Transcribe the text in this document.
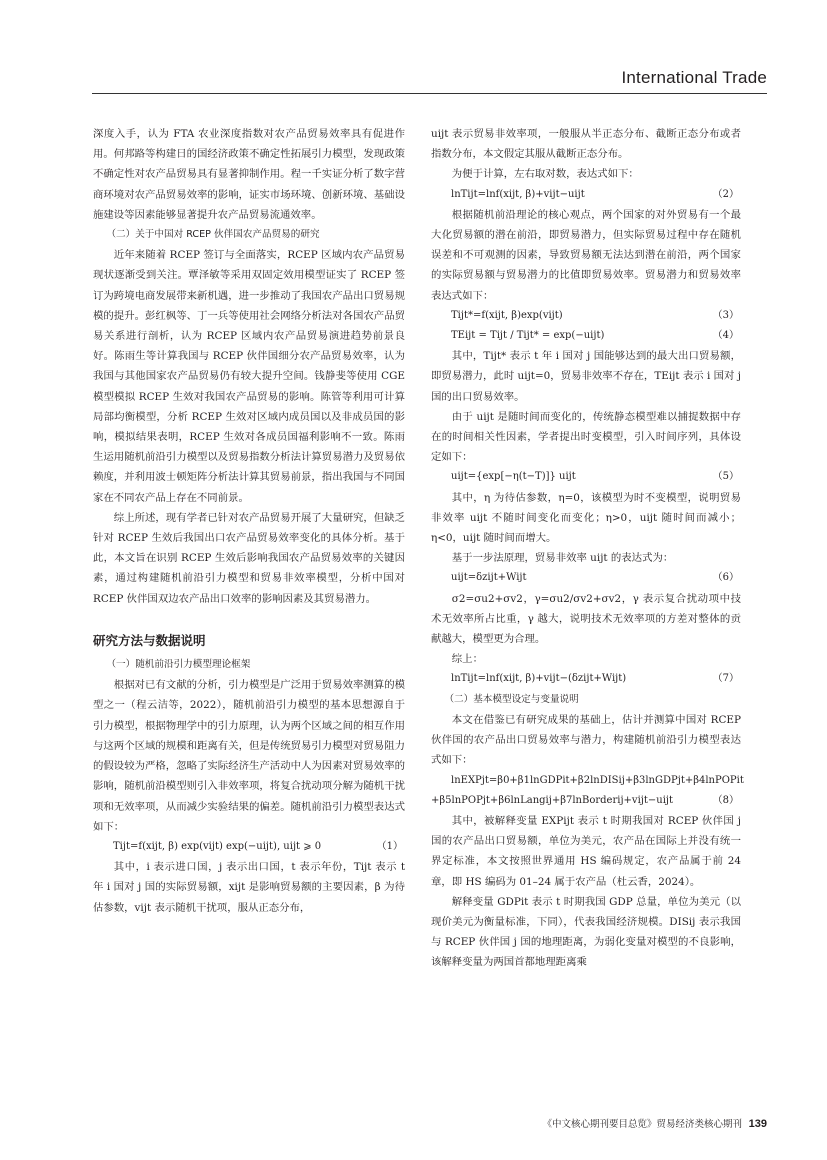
International Trade

深度入手，认为 FTA 农业深度指数对农产品贸易效率具有促进作用。何邦路等构建日的国经济政策不确定性拓展引力模型，发现政策不确定性对农产品贸易具有显著抑制作用。程一千实证分析了数字营商环境对农产品贸易效率的影响，证实市场环境、创新环境、基础设施建设等因素能够显著提升农产品贸易流通效率。

（二）关于中国对 RCEP 伙伴国农产品贸易的研究

近年来随着 RCEP 签订与全面落实，RCEP 区域内农产品贸易现状逐渐受到关注。覃泽敏等采用双固定效用模型证实了 RCEP 签订为跨境电商发展带来新机遇，进一步推动了我国农产品出口贸易规模的提升。彭红枫等、丁一兵等使用社会网络分析法对各国农产品贸易关系进行剖析，认为 RCEP 区域内农产品贸易演进趋势前景良好。陈雨生等计算我国与 RCEP 伙伴国细分农产品贸易效率，认为我国与其他国家农产品贸易仍有较大提升空间。钱静斐等使用 CGE 模型模拟 RCEP 生效对我国农产品贸易的影响。陈管等利用可计算局部均衡模型，分析 RCEP 生效对区域内成员国以及非成员国的影响，模拟结果表明，RCEP 生效对各成员国福利影响不一致。陈雨生运用随机前沿引力模型以及贸易指数分析法计算贸易潜力及贸易依赖度，并利用波士顿矩阵分析法计算其贸易前景，指出我国与不同国家在不同农产品上存在不同前景。

综上所述，现有学者已针对农产品贸易开展了大量研究，但缺乏针对 RCEP 生效后我国出口农产品贸易效率变化的具体分析。基于此，本文旨在识别 RCEP 生效后影响我国农产品贸易效率的关键因素，通过构建随机前沿引力模型和贸易非效率模型，分析中国对 RCEP 伙伴国双边农产品出口效率的影响因素及其贸易潜力。

研究方法与数据说明

（一）随机前沿引力模型理论框架

根据对已有文献的分析，引力模型是广泛用于贸易效率测算的模型之一（程云洁等，2022），随机前沿引力模型的基本思想源自于引力模型，根据物理学中的引力原理，认为两个区域之间的相互作用与这两个区域的规模和距离有关，但是传统贸易引力模型对贸易阻力的假设较为严格，忽略了实际经济生产活动中人为因素对贸易效率的影响，随机前沿模型则引入非效率项，将复合扰动项分解为随机干扰项和无效率项，从而减少实验结果的偏差。随机前沿引力模型表达式如下：

Tijt=f(xijt, β) exp(vijt) exp(−uijt), uijt ⩾ 0	（1）

其中，i 表示进口国，j 表示出口国，t 表示年份，Tijt 表示 t 年 i 国对 j 国的实际贸易额，xijt 是影响贸易额的主要因素，β 为待估参数，vijt 表示随机干扰项，服从正态分布，

uijt 表示贸易非效率项，一般服从半正态分布、截断正态分布或者指数分布，本文假定其服从截断正态分布。

为便于计算，左右取对数，表达式如下：

lnTijt=lnf(xijt, β)+vijt−uijt	（2）

根据随机前沿理论的核心观点，两个国家的对外贸易有一个最大化贸易额的潜在前沿，即贸易潜力，但实际贸易过程中存在随机误差和不可观测的因素，导致贸易额无法达到潜在前沿，两个国家的实际贸易额与贸易潜力的比值即贸易效率。贸易潜力和贸易效率表达式如下：

Tijt*=f(xijt, β)exp(vijt)	（3）
TEijt = Tijt / Tijt* = exp(−uijt)	（4）

其中，Tijt* 表示 t 年 i 国对 j 国能够达到的最大出口贸易额，即贸易潜力，此时 uijt=0，贸易非效率不存在，TEijt 表示 i 国对 j 国的出口贸易效率。

由于 uijt 是随时间而变化的，传统静态模型难以捕捉数据中存在的时间相关性因素，学者提出时变模型，引入时间序列，具体设定如下：

uijt={exp[−η(t−T)]} uijt	（5）

其中，η 为待估参数，η=0，该模型为时不变模型，说明贸易非效率 uijt 不随时间变化而变化；η>0，uijt 随时间而减小；η<0，uijt 随时间而增大。

基于一步法原理，贸易非效率 uijt 的表达式为：

uijt=δzijt+Wijt	（6）

σ2=σu2+σv2，γ=σu2/σv2+σv2，γ 表示复合扰动项中技术无效率所占比重，γ 越大，说明技术无效率项的方差对整体的贡献越大，模型更为合理。

综上：

lnTijt=lnf(xijt, β)+vijt−(δzijt+Wijt)	（7）

（二）基本模型设定与变量说明

本文在借鉴已有研究成果的基础上，估计并测算中国对 RCEP 伙伴国的农产品出口贸易效率与潜力，构建随机前沿引力模型表达式如下：

lnEXPjt=β0+β1lnGDPit+β2lnDISij+β3lnGDPjt+β4lnPOPit
+β5lnPOPjt+β6lnLangij+β7lnBorderij+vijt−uijt	（8）

其中，被解释变量 EXPijt 表示 t 时期我国对 RCEP 伙伴国 j 国的农产品出口贸易额，单位为美元，农产品在国际上并没有统一界定标准，本文按照世界通用 HS 编码规定，农产品属于前 24 章，即 HS 编码为 01–24 属于农产品（杜云香，2024）。

解释变量 GDPit 表示 t 时期我国 GDP 总量，单位为美元（以现价美元为衡量标准，下同），代表我国经济规模。DISij 表示我国与 RCEP 伙伴国 j 国的地理距离，为弱化变量对模型的不良影响，该解释变量为两国首都地理距离乘

《中文核心期刊要目总览》贸易经济类核心期刊 139
